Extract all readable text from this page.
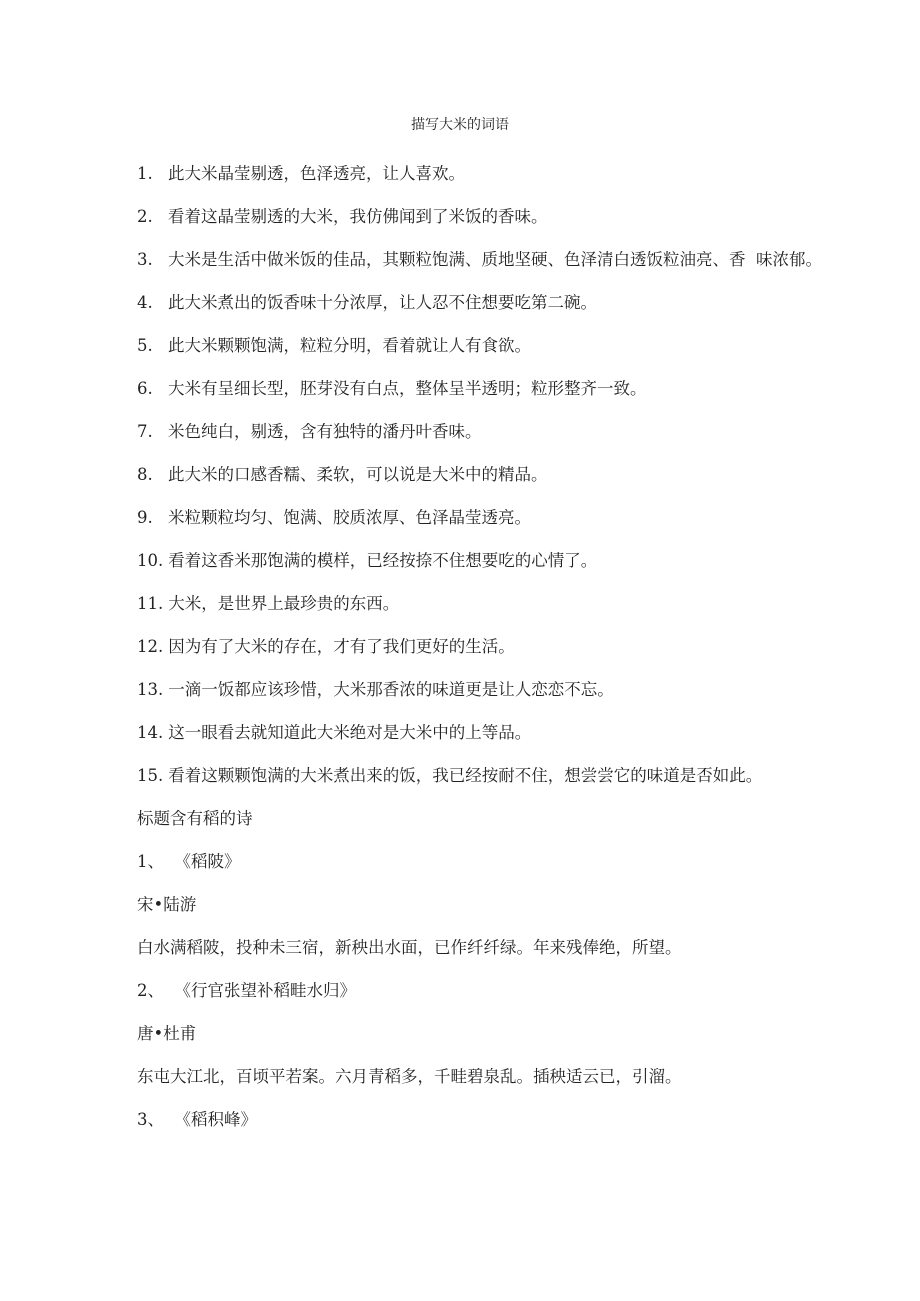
描写大米的词语
1. 此大米晶莹剔透，色泽透亮，让人喜欢。
2. 看着这晶莹剔透的大米，我仿佛闻到了米饭的香味。
3. 大米是生活中做米饭的佳品，其颗粒饱满、质地坚硬、色泽清白透饭粒油亮、香  味浓郁。
4. 此大米煮出的饭香味十分浓厚，让人忍不住想要吃第二碗。
5. 此大米颗颗饱满，粒粒分明，看着就让人有食欲。
6. 大米有呈细长型，胚芽没有白点，整体呈半透明；粒形整齐一致。
7. 米色纯白，剔透，含有独特的潘丹叶香味。
8. 此大米的口感香糯、柔软，可以说是大米中的精品。
9. 米粒颗粒均匀、饱满、胶质浓厚、色泽晶莹透亮。
10. 看着这香米那饱满的模样，已经按捺不住想要吃的心情了。
11. 大米，是世界上最珍贵的东西。
12. 因为有了大米的存在，才有了我们更好的生活。
13. 一滴一饭都应该珍惜，大米那香浓的味道更是让人恋恋不忘。
14. 这一眼看去就知道此大米绝对是大米中的上等品。
15. 看着这颗颗饱满的大米煮出来的饭，我已经按耐不住，想尝尝它的味道是否如此。
标题含有稻的诗
1、  《稻陂》
宋•陆游
白水满稻陂，投种未三宿，新秧出水面，已作纤纤绿。年来残俸绝，所望。
2、  《行官张望补稻畦水归》
唐•杜甫
东屯大江北，百顷平若案。六月青稻多，千畦碧泉乱。插秧适云已，引溜。
3、  《稻积峰》
